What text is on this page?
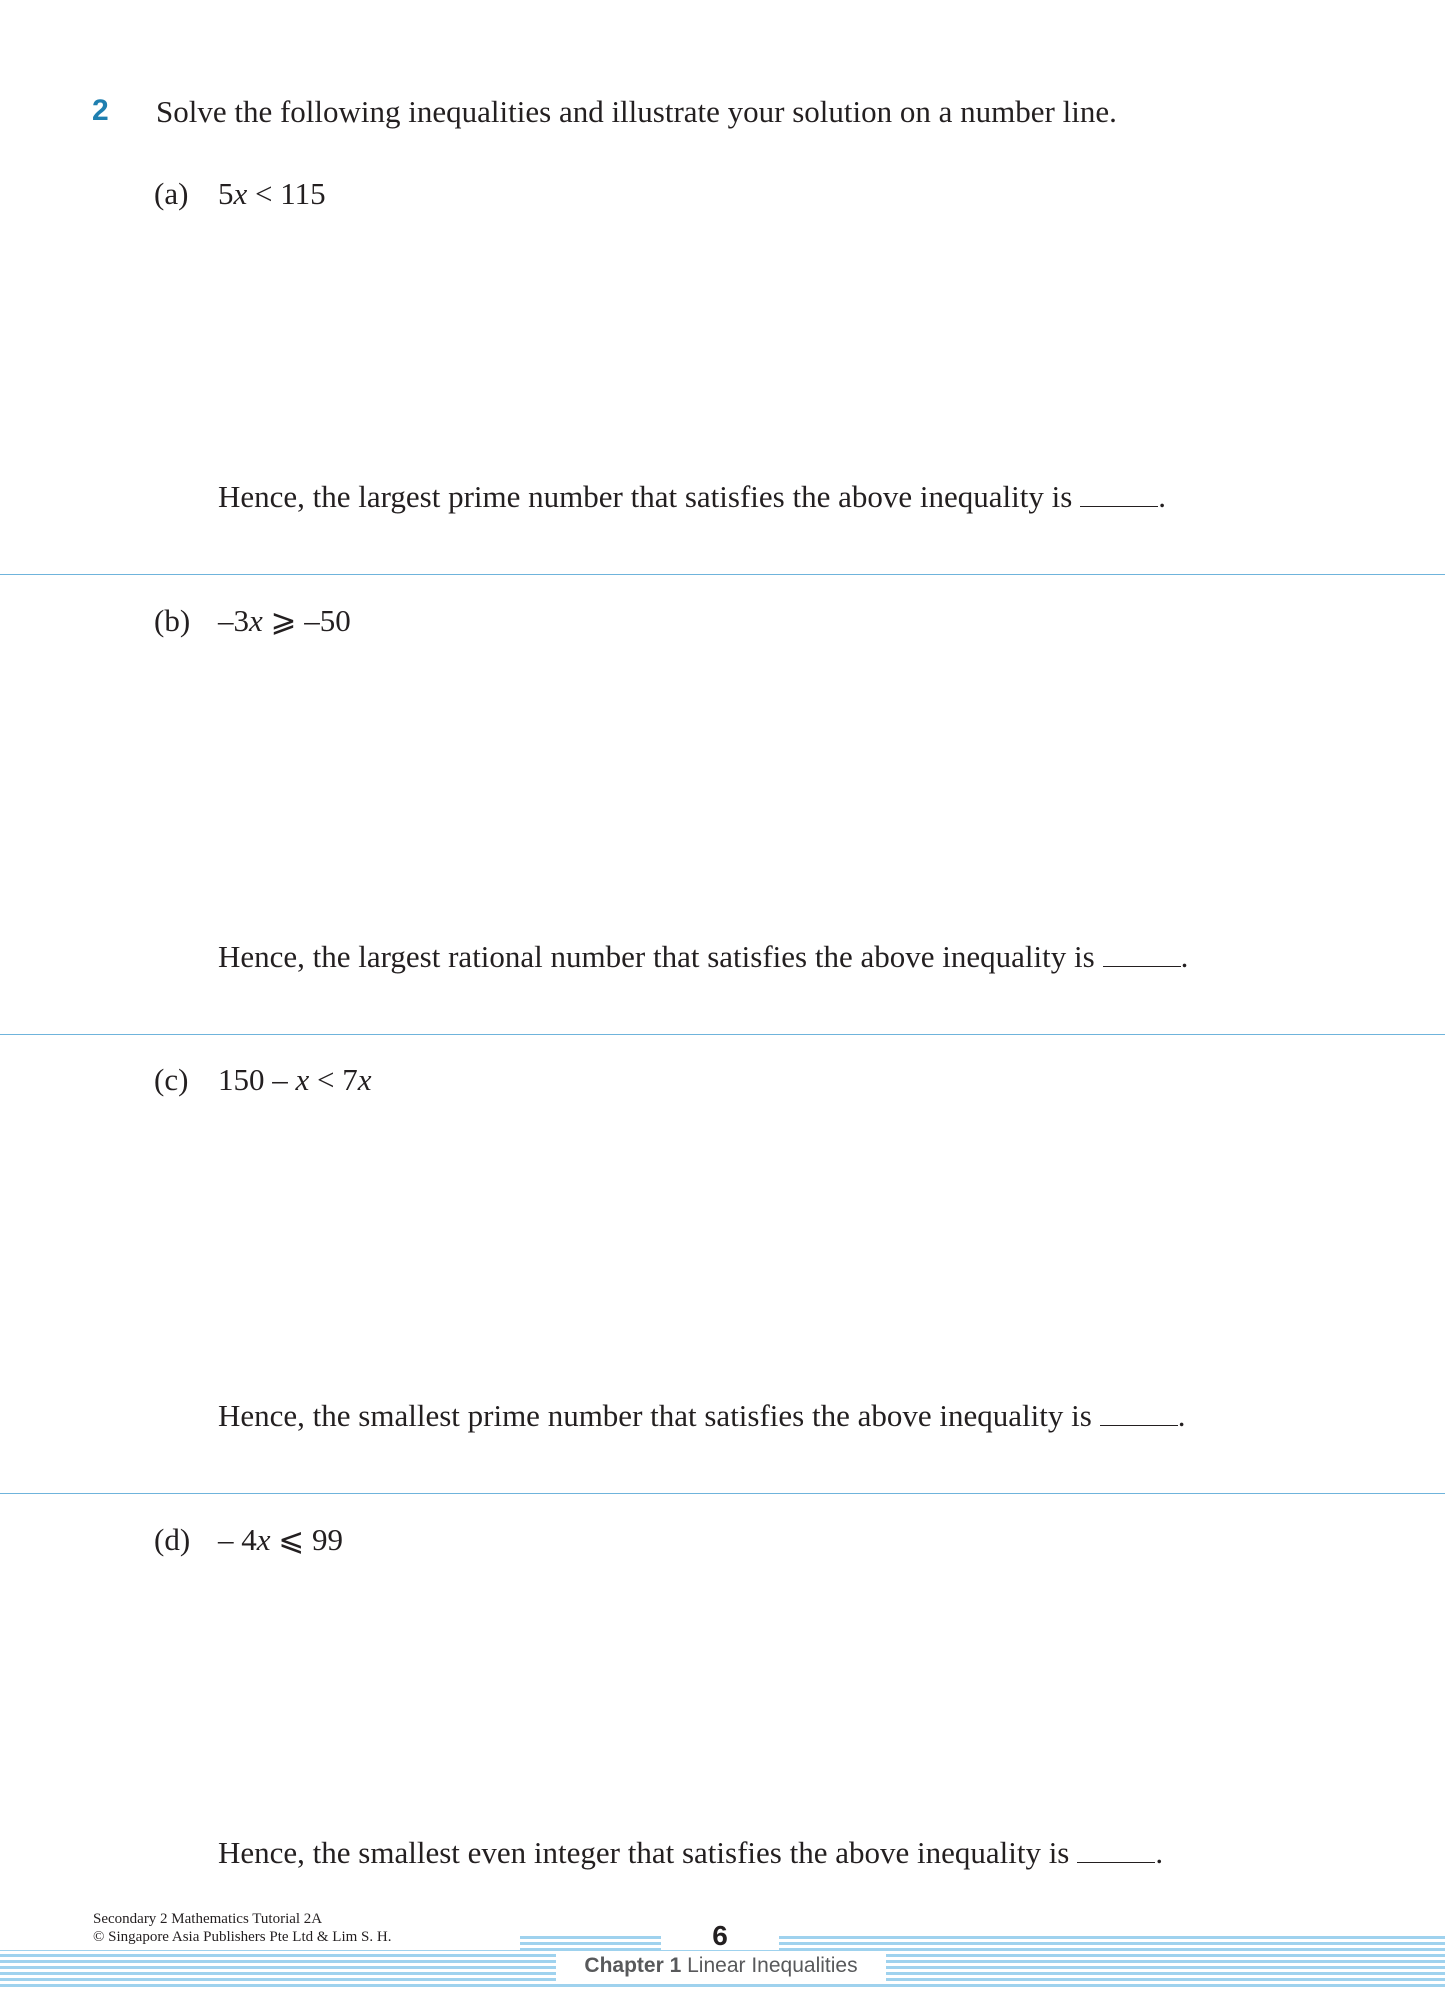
2 Solve the following inequalities and illustrate your solution on a number line.
(a) 5x < 115
Hence, the largest prime number that satisfies the above inequality is	.
(b) –3x ⩾ –50
Hence, the largest rational number that satisfies the above inequality is	.
(c) 150 – x < 7x
Hence, the smallest prime number that satisfies the above inequality is	.
(d) – 4x ⩽ 99
Hence, the smallest even integer that satisfies the above inequality is	.
Secondary 2 Mathematics Tutorial 2A
© Singapore Asia Publishers Pte Ltd & Lim S. H.	6
Chapter 1 Linear Inequalities
